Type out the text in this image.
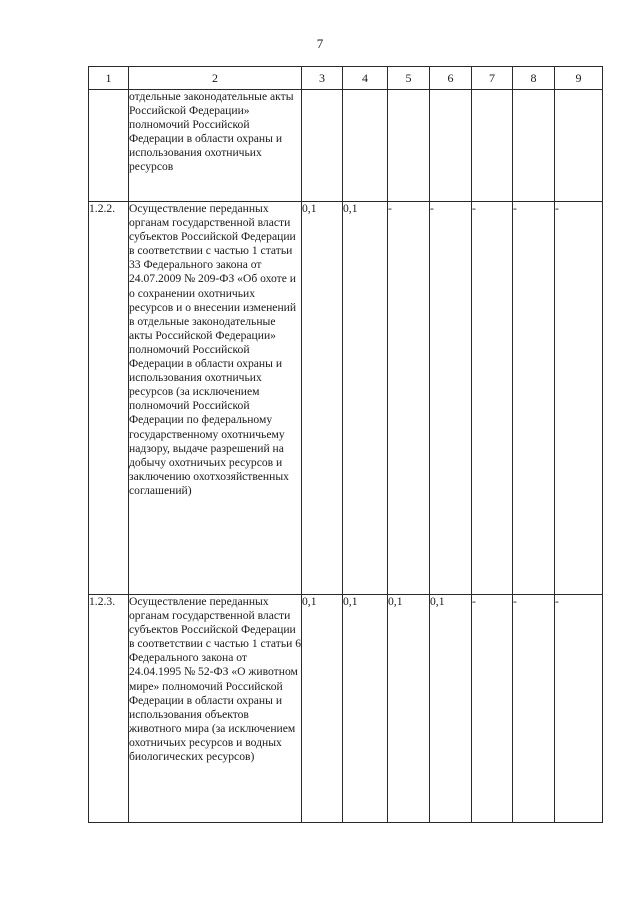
7
1	2	3	4	5	6	7	8	9
	отдельные законодательные акты Российской Федерации» полномочий Российской Федерации в области охраны и использования охотничьих ресурсов							
1.2.2.	Осуществление переданных органам государственной власти субъектов Российской Федерации в соответствии с частью 1 статьи 33 Федерального закона от 24.07.2009 № 209-ФЗ «Об охоте и о сохранении охотничьих ресурсов и о внесении изменений в отдельные законодательные акты Российской Федерации» полномочий Российской Федерации в области охраны и использования охотничьих ресурсов (за исключением полномочий Российской Федерации по федеральному государственному охотничьему надзору, выдаче разрешений на добычу охотничьих ресурсов и заключению охотхозяйственных соглашений)	0,1	0,1	-	-	-	-	-
1.2.3.	Осуществление переданных органам государственной власти субъектов Российской Федерации в соответствии с частью 1 статьи 6 Федерального закона от 24.04.1995 № 52-ФЗ «О животном мире» полномочий Российской Федерации в области охраны и использования объектов животного мира (за исключением охотничьих ресурсов и водных биологических ресурсов)	0,1	0,1	0,1	0,1	-	-	-
